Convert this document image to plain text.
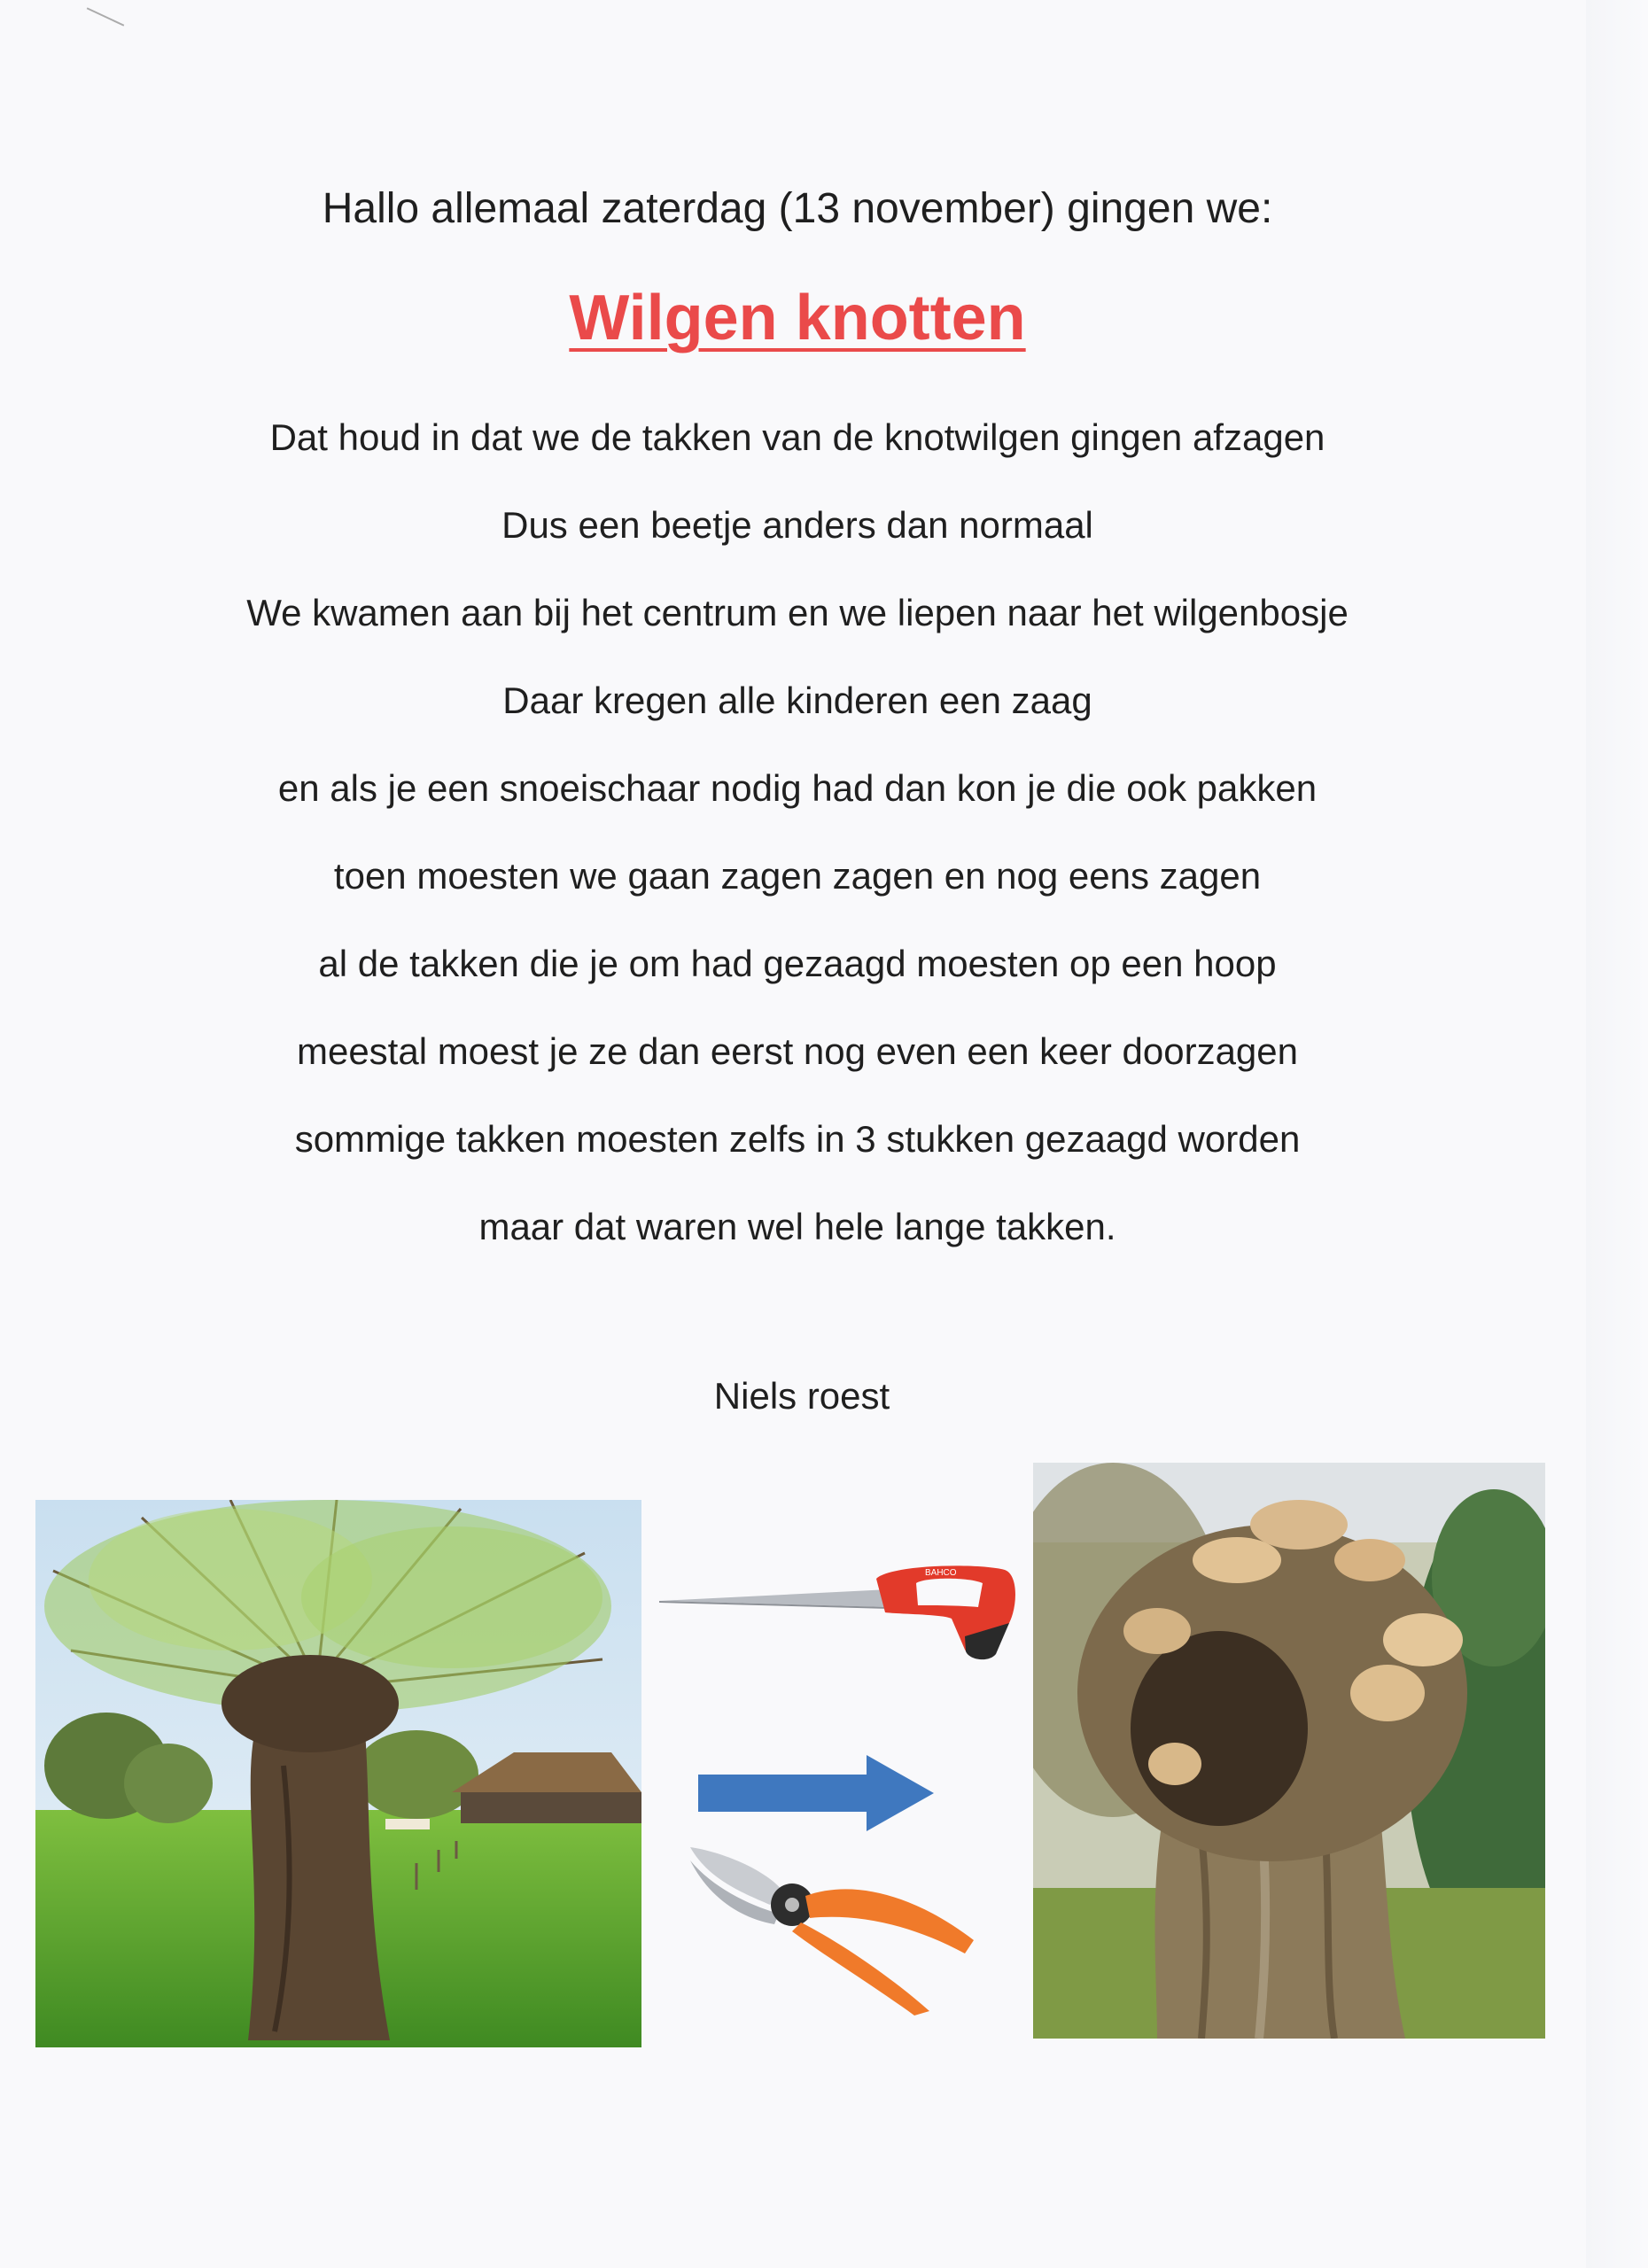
Hallo allemaal zaterdag (13 november) gingen we:
Wilgen knotten
Dat houd in dat we de takken van de knotwilgen gingen afzagen
Dus een beetje anders dan normaal
We kwamen aan bij het centrum en we liepen naar het wilgenbosje
Daar kregen alle kinderen een zaag
en als je een snoeischaar nodig had dan kon je die ook pakken
toen moesten we gaan zagen zagen en nog eens zagen
al de takken die je om had gezaagd moesten op een hoop
meestal moest je ze dan eerst nog even een keer doorzagen
sommige takken moesten zelfs in 3 stukken gezaagd worden
maar dat waren wel hele lange takken.
Niels roest
BAHCO
